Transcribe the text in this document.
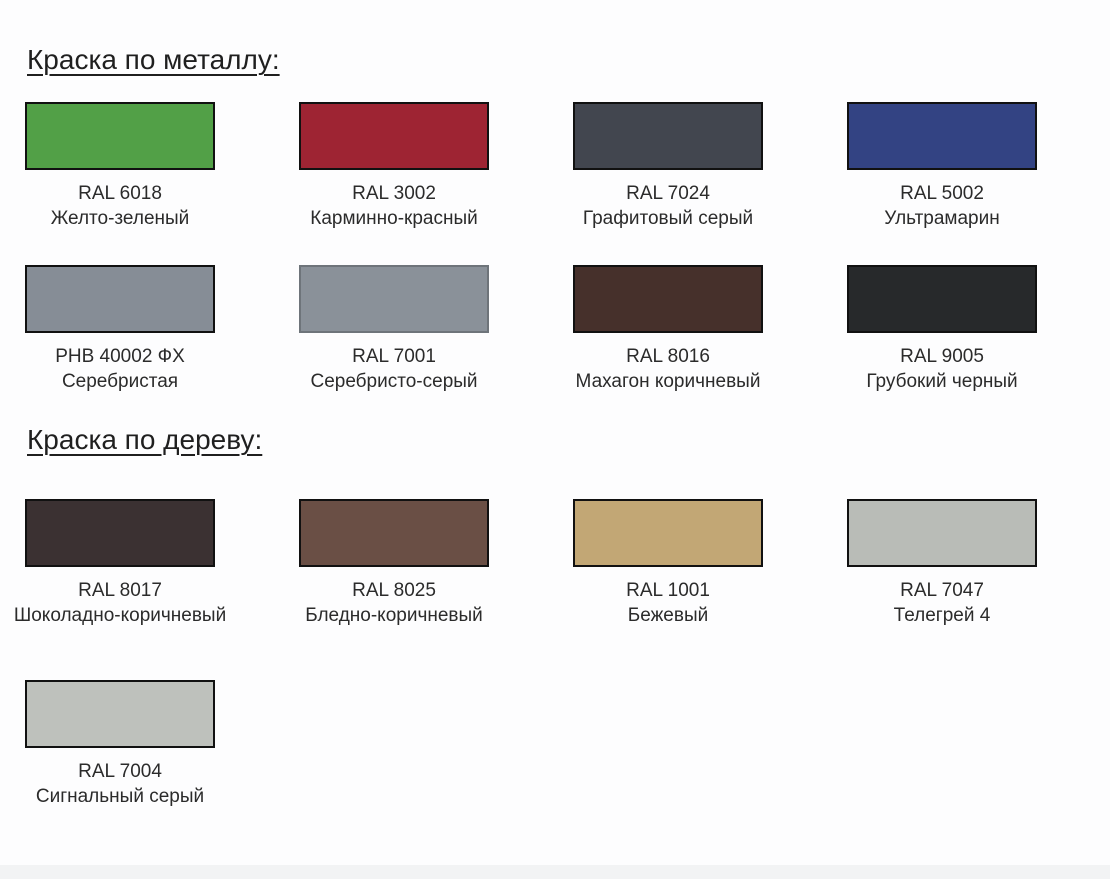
Краска по металлу:
RAL 6018
Желто-зеленый
RAL 3002
Карминно-красный
RAL 7024
Графитовый серый
RAL 5002
Ультрамарин
РНВ 40002 ФХ
Серебристая
RAL 7001
Серебристо-серый
RAL 8016
Махагон коричневый
RAL 9005
Грубокий черный
Краска по дереву:
RAL 8017
Шоколадно-коричневый
RAL 8025
Бледно-коричневый
RAL 1001
Бежевый
RAL 7047
Телегрей 4
RAL 7004
Сигнальный серый
